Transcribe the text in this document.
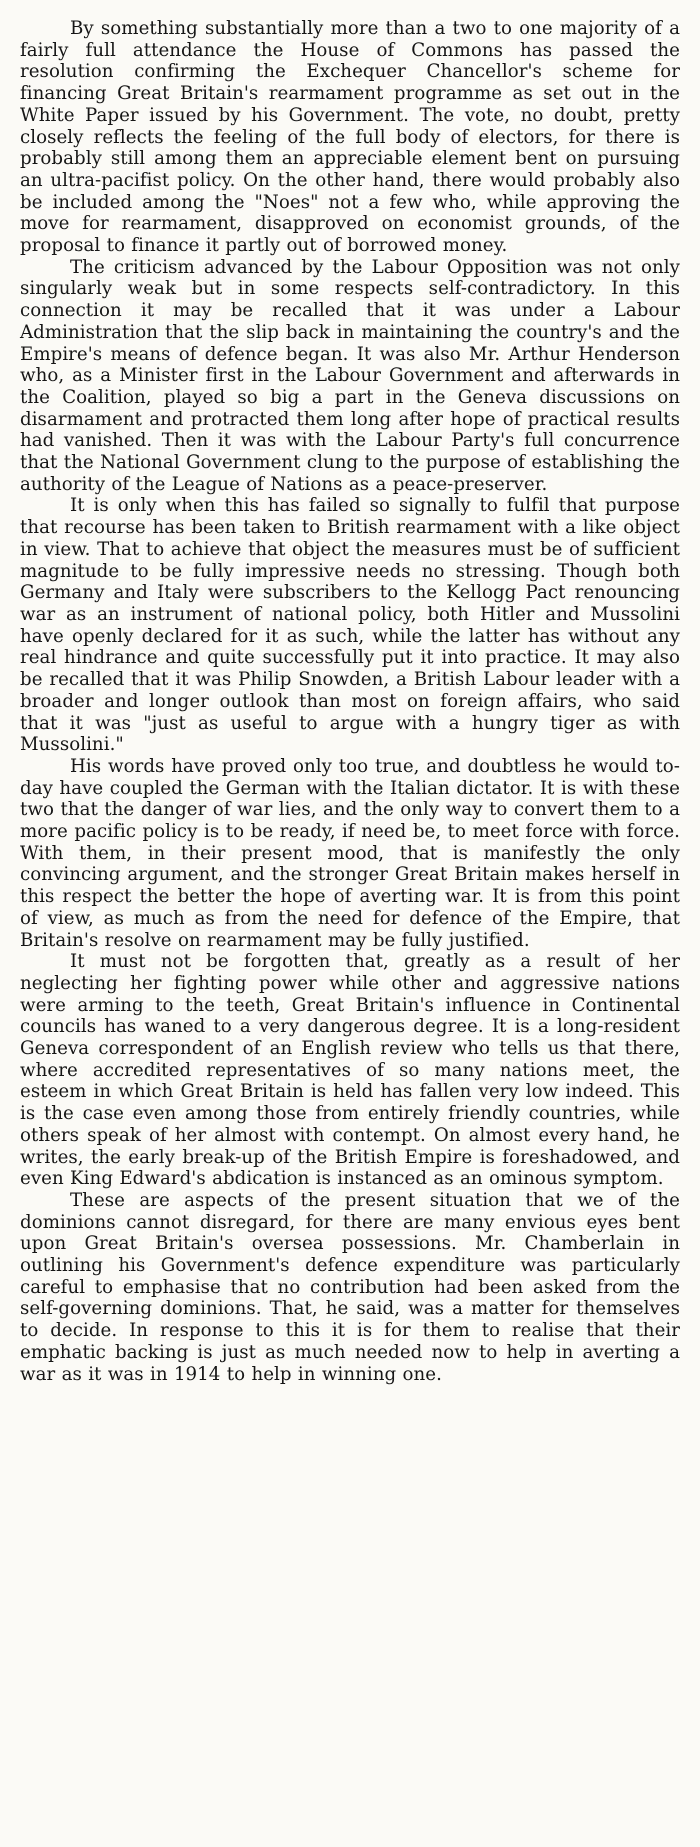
By something substantially more than a two to one majority of a fairly full attendance the House of Commons has passed the resolution confirming the Exchequer Chancellor's scheme for financing Great Britain's rearmament programme as set out in the White Paper issued by his Government. The vote, no doubt, pretty closely reflects the feeling of the full body of electors, for there is probably still among them an appreciable element bent on pursuing an ultra-pacifist policy. On the other hand, there would probably also be included among the "Noes" not a few who, while approving the move for rearmament, disapproved on economist grounds, of the proposal to finance it partly out of borrowed money.

The criticism advanced by the Labour Opposition was not only singularly weak but in some respects self-contradictory. In this connection it may be recalled that it was under a Labour Administration that the slip back in maintaining the country's and the Empire's means of defence began. It was also Mr. Arthur Henderson who, as a Minister first in the Labour Government and afterwards in the Coalition, played so big a part in the Geneva discussions on disarmament and protracted them long after hope of practical results had vanished. Then it was with the Labour Party's full concurrence that the National Government clung to the purpose of establishing the authority of the League of Nations as a peace-preserver.

It is only when this has failed so signally to fulfil that purpose that recourse has been taken to British rearmament with a like object in view. That to achieve that object the measures must be of sufficient magnitude to be fully impressive needs no stressing. Though both Germany and Italy were subscribers to the Kellogg Pact renouncing war as an instrument of national policy, both Hitler and Mussolini have openly declared for it as such, while the latter has without any real hindrance and quite successfully put it into practice. It may also be recalled that it was Philip Snowden, a British Labour leader with a broader and longer outlook than most on foreign affairs, who said that it was "just as useful to argue with a hungry tiger as with Mussolini."

His words have proved only too true, and doubtless he would to-day have coupled the German with the Italian dictator. It is with these two that the danger of war lies, and the only way to convert them to a more pacific policy is to be ready, if need be, to meet force with force. With them, in their present mood, that is manifestly the only convincing argument, and the stronger Great Britain makes herself in this respect the better the hope of averting war. It is from this point of view, as much as from the need for defence of the Empire, that Britain's resolve on rearmament may be fully justified.

It must not be forgotten that, greatly as a result of her neglecting her fighting power while other and aggressive nations were arming to the teeth, Great Britain's influence in Continental councils has waned to a very dangerous degree. It is a long-resident Geneva correspondent of an English review who tells us that there, where accredited representatives of so many nations meet, the esteem in which Great Britain is held has fallen very low indeed. This is the case even among those from entirely friendly countries, while others speak of her almost with contempt. On almost every hand, he writes, the early break-up of the British Empire is foreshadowed, and even King Edward's abdication is instanced as an ominous symptom.

These are aspects of the present situation that we of the dominions cannot disregard, for there are many envious eyes bent upon Great Britain's oversea possessions. Mr. Chamberlain in outlining his Government's defence expenditure was particularly careful to emphasise that no contribution had been asked from the self-governing dominions. That, he said, was a matter for themselves to decide. In response to this it is for them to realise that their emphatic backing is just as much needed now to help in averting a war as it was in 1914 to help in winning one.
